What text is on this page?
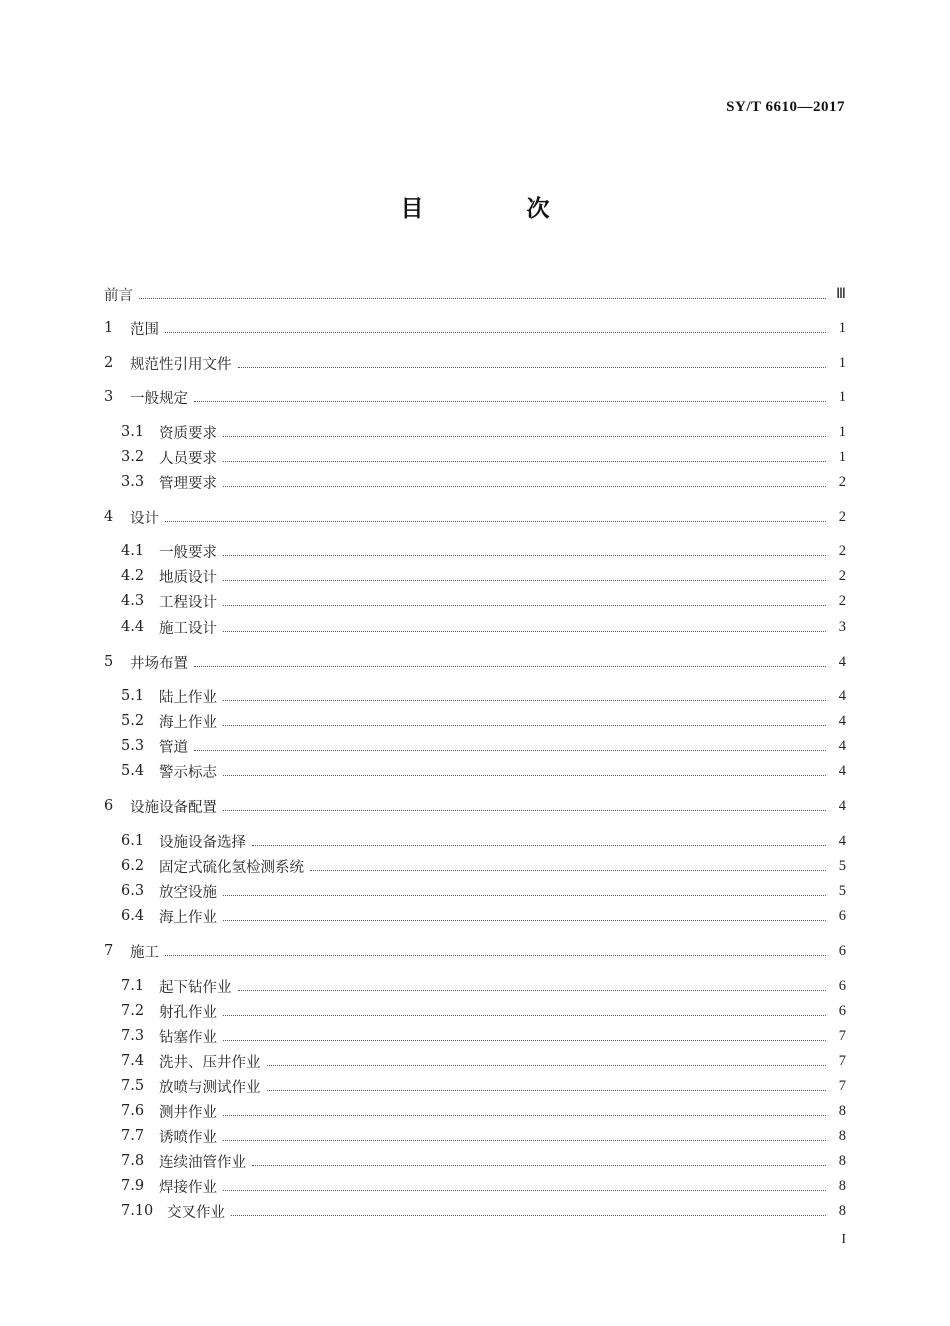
SY/T 6610—2017
目　次
前言	Ⅲ
1	范围	1
2	规范性引用文件	1
3	一般规定	1
3.1	资质要求	1
3.2	人员要求	1
3.3	管理要求	2
4	设计	2
4.1	一般要求	2
4.2	地质设计	2
4.3	工程设计	2
4.4	施工设计	3
5	井场布置	4
5.1	陆上作业	4
5.2	海上作业	4
5.3	管道	4
5.4	警示标志	4
6	设施设备配置	4
6.1	设施设备选择	4
6.2	固定式硫化氢检测系统	5
6.3	放空设施	5
6.4	海上作业	6
7	施工	6
7.1	起下钻作业	6
7.2	射孔作业	6
7.3	钻塞作业	7
7.4	洗井、压井作业	7
7.5	放喷与测试作业	7
7.6	测井作业	8
7.7	诱喷作业	8
7.8	连续油管作业	8
7.9	焊接作业	8
7.10 交叉作业	8
I
